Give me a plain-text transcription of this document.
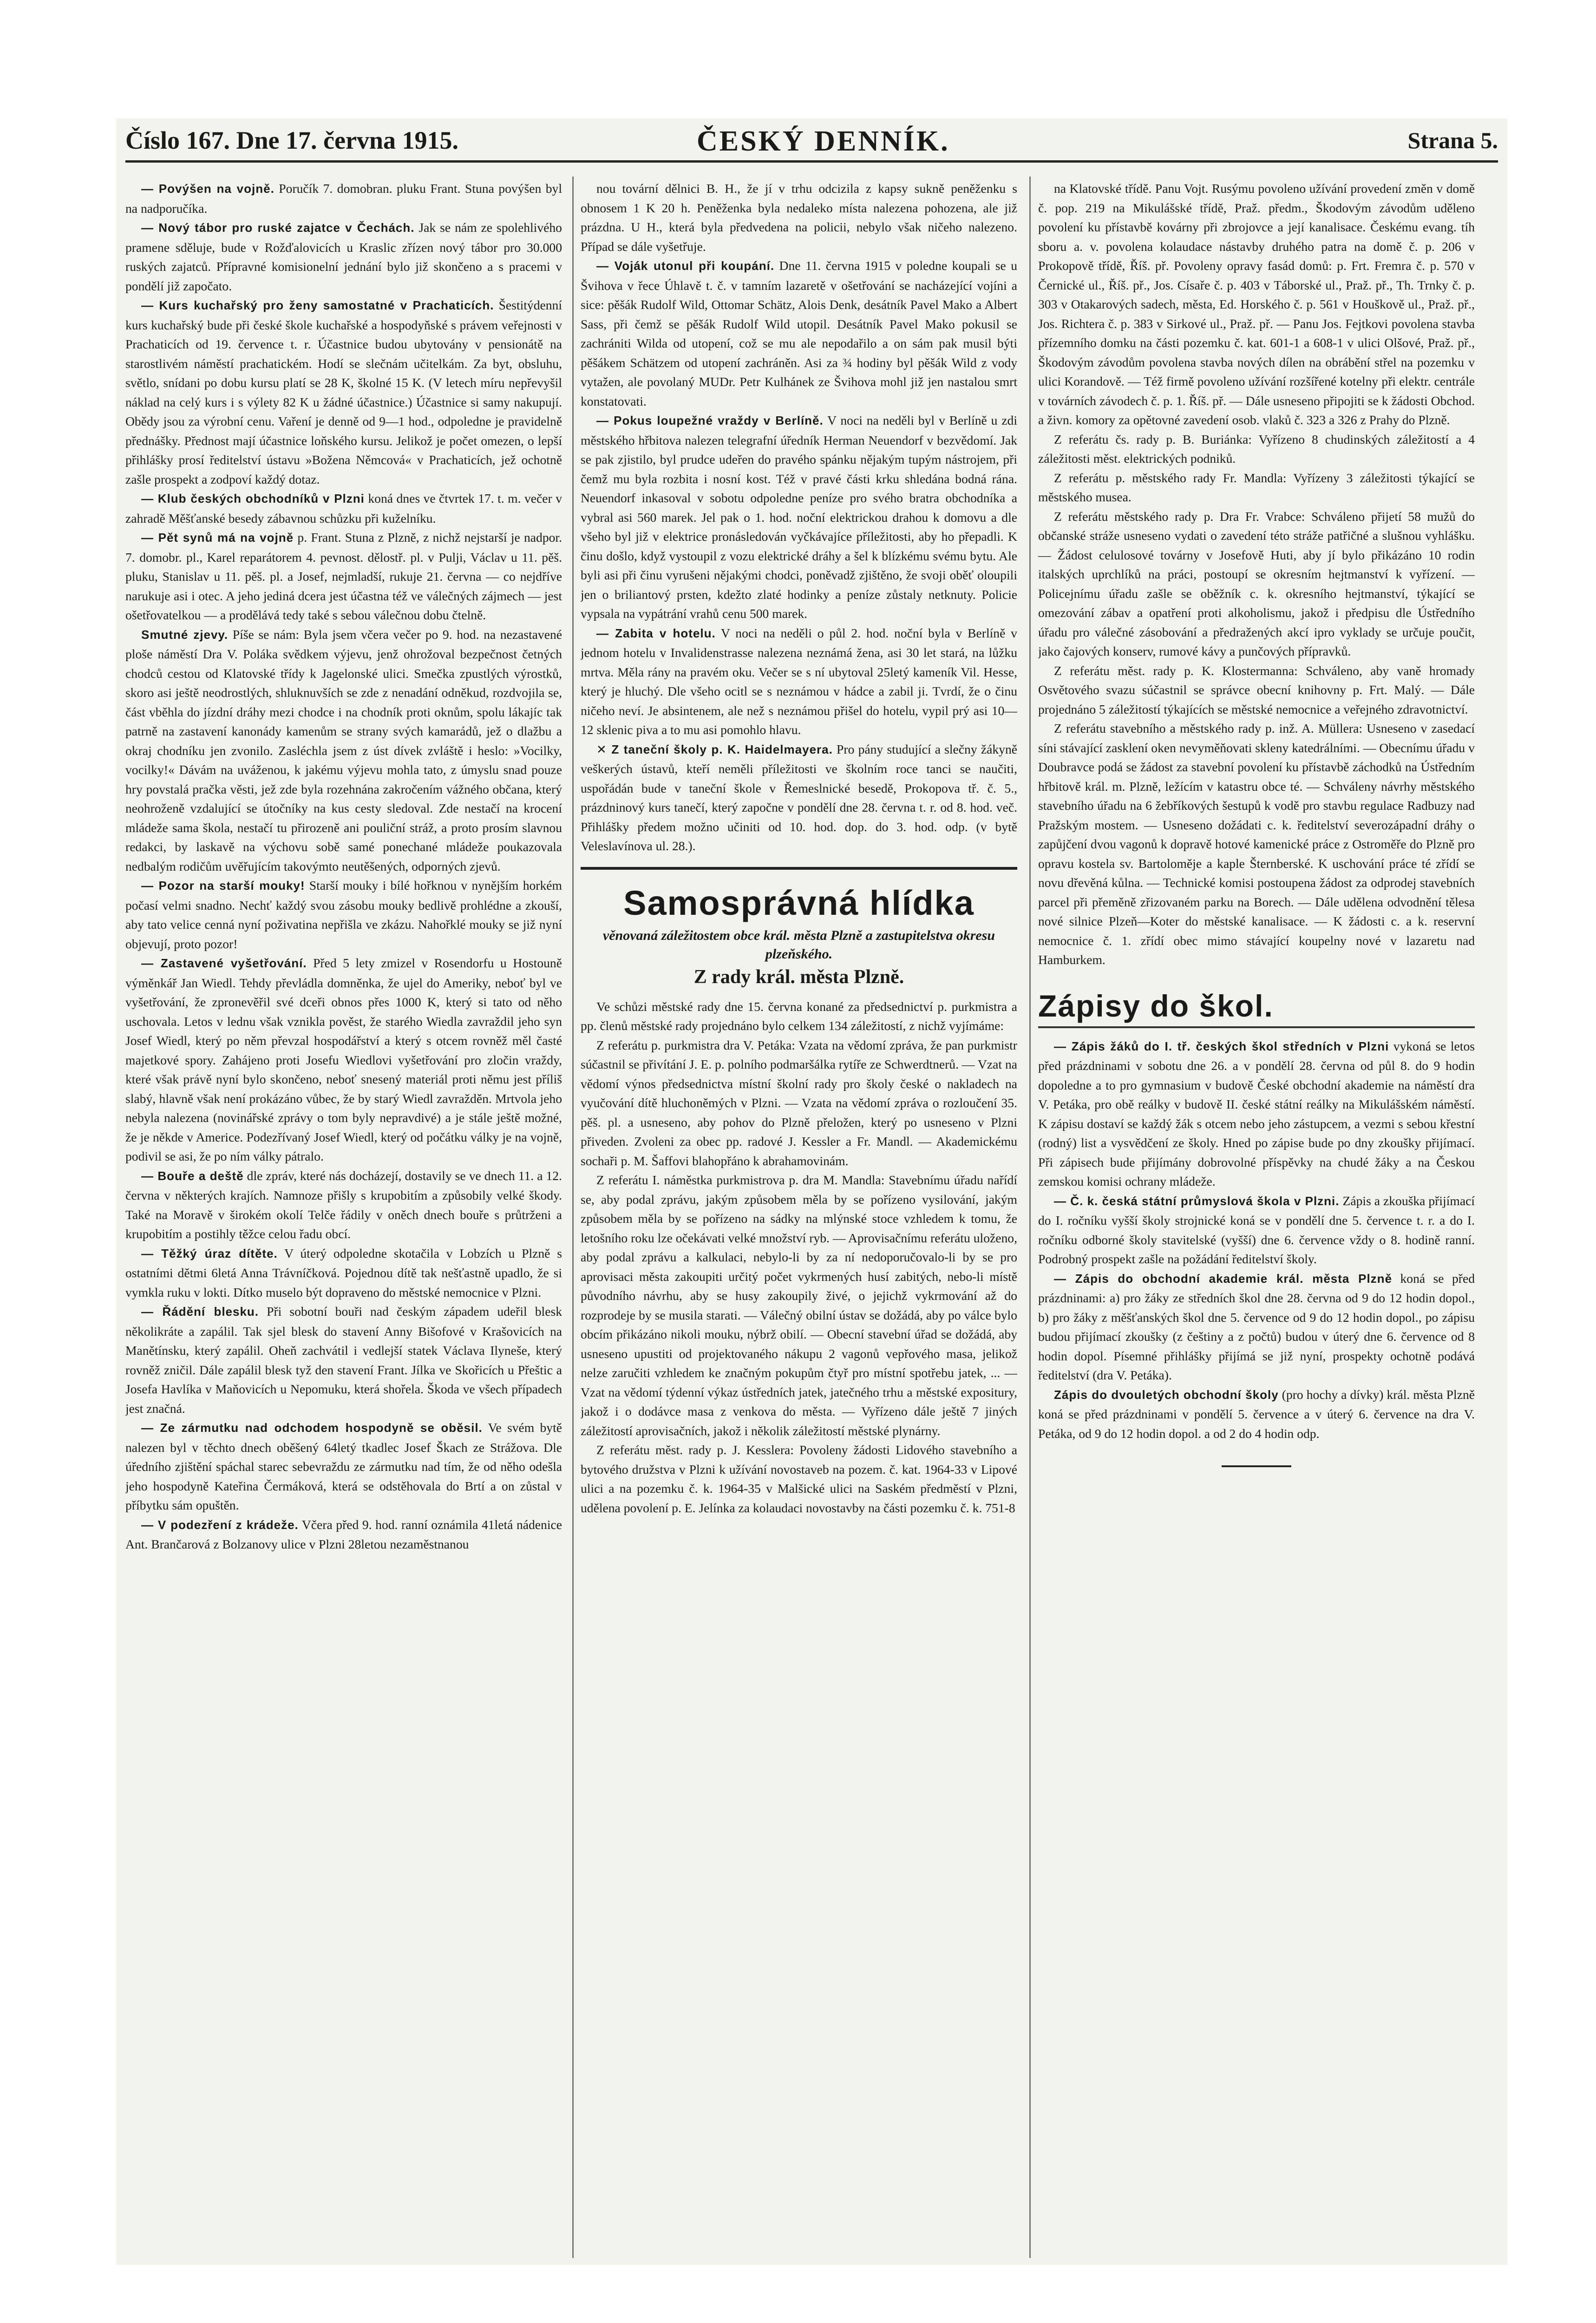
Číslo 167. Dne 17. června 1915.	ČESKÝ DENNÍK.	Strana 5.

— Povýšen na vojně. Poručík 7. domobran. pluku Frant. Stuna povýšen byl na nadporučíka.

— Nový tábor pro ruské zajatce v Čechách. Jak se nám ze spolehlivého pramene sděluje, bude v Rožďalovicích u Kraslic zřízen nový tábor pro 30.000 ruských zajatců. Přípravné komisionelní jednání bylo již skončeno a s pracemi v pondělí již započato.

— Kurs kuchařský pro ženy samostatné v Prachaticích. Šestitýdenní kurs kuchařský bude při české škole kuchařské a hospodyňské s právem veřejnosti v Prachaticích od 19. července t. r. Účastnice budou ubytovány v pensionátě na starostlivém náměstí prachatickém. Hodí se slečnám učitelkám. Za byt, obsluhu, světlo, snídani po dobu kursu platí se 28 K, školné 15 K. (V letech míru nepřevyšil náklad na celý kurs i s výlety 82 K u žádné účastnice.) Účastnice si samy nakupují. Obědy jsou za výrobní cenu. Vaření je denně od 9—1 hod., odpoledne je pravidelně přednášky. Přednost mají účastnice loňského kursu. Jelikož je počet omezen, o lepší přihlášky prosí ředitelství ústavu »Božena Němcová« v Prachaticích, jež ochotně zašle prospekt a zodpoví každý dotaz.

— Klub českých obchodníků v Plzni koná dnes ve čtvrtek 17. t. m. večer v zahradě Měšťanské besedy zábavnou schůzku při kuželníku.

— Pět synů má na vojně p. Frant. Stuna z Plzně, z nichž nejstarší je nadpor. 7. domobr. pl., Karel reparátorem 4. pevnost. dělostř. pl. v Pulji, Václav u 11. pěš. pluku, Stanislav u 11. pěš. pl. a Josef, nejmladší, rukuje 21. června — co nejdříve narukuje asi i otec. A jeho jediná dcera jest účastna též ve válečných zájmech — jest ošetřovatelkou — a prodělává tedy také s sebou válečnou dobu čtelně.

Smutné zjevy. Píše se nám: Byla jsem včera večer po 9. hod. na nezastavené ploše náměstí Dra V. Poláka svědkem výjevu, jenž ohrožoval bezpečnost četných chodců cestou od Klatovské třídy k Jagelonské ulici. Smečka zpustlých výrostků, skoro asi ještě neodrostlých, shluknuvších se zde z nenadání odněkud, rozdvojila se, část vběhla do jízdní dráhy mezi chodce i na chodník proti oknům, spolu lákajíc tak patrně na zastavení kanonády kamenům se strany svých kamarádů, jež o dlažbu a okraj chodníku jen zvonilo. Zasléchla jsem z úst dívek zvláště i heslo: »Vocilky, vocilky!« Dávám na uváženou, k jakému výjevu mohla tato, z úmyslu snad pouze hry povstalá pračka věsti, jež zde byla rozehnána zakročením vážného občana, který neohroženě vzdalující se útočníky na kus cesty sledoval. Zde nestačí na krocení mládeže sama škola, nestačí tu přirozeně ani pouliční stráž, a proto prosím slavnou redakci, by laskavě na výchovu sobě samé ponechané mládeže poukazovala nedbalým rodičům uvěřujícím takovýmto neutěšených, odporných zjevů.

— Pozor na starší mouky! Starší mouky i bílé hořknou v nynějším horkém počasí velmi snadno. Nechť každý svou zásobu mouky bedlivě prohlédne a zkouší, aby tato velice cenná nyní poživatina nepřišla ve zkázu. Nahořklé mouky se již nyní objevují, proto pozor!

— Zastavené vyšetřování. Před 5 lety zmizel v Rosendorfu u Hostouně výměnkář Jan Wiedl. Tehdy převládla domněnka, že ujel do Ameriky, neboť byl ve vyšetřování, že zpronevěřil své dceři obnos přes 1000 K, který si tato od něho uschovala. Letos v lednu však vznikla pověst, že starého Wiedla zavraždil jeho syn Josef Wiedl, který po něm převzal hospodářství a který s otcem rovněž měl časté majetkové spory. Zahájeno proti Josefu Wiedlovi vyšetřování pro zločin vraždy, které však právě nyní bylo skončeno, neboť snesený materiál proti němu jest příliš slabý, hlavně však není prokázáno vůbec, že by starý Wiedl zavražděn. Mrtvola jeho nebyla nalezena (novinářské zprávy o tom byly nepravdivé) a je stále ještě možné, že je někde v Americe. Podezřívaný Josef Wiedl, který od počátku války je na vojně, podivil se asi, že po ním války pátralo.

— Bouře a deště dle zpráv, které nás docházejí, dostavily se ve dnech 11. a 12. června v některých krajích. Namnoze přišly s krupobitím a způsobily velké škody. Také na Moravě v širokém okolí Telče řádily v oněch dnech bouře s průtrženi a krupobitím a postihly těžce celou řadu obcí.

— Těžký úraz dítěte. V úterý odpoledne skotačila v Lobzích u Plzně s ostatními dětmi 6letá Anna Trávníčková. Pojednou dítě tak nešťastně upadlo, že si vymkla ruku v lokti. Dítko muselo být dopraveno do městské nemocnice v Plzni.

— Řádění blesku. Při sobotní bouři nad českým západem udeřil blesk několikráte a zapálil. Tak sjel blesk do stavení Anny Bišofové v Krašovicích na Manětínsku, který zapálil. Oheň zachvátil i vedlejší statek Václava Ilyneše, který rovněž zničil. Dále zapálil blesk tyž den stavení Frant. Jílka ve Skořicích u Přeštic a Josefa Havlíka v Maňovicích u Nepomuku, která shořela. Škoda ve všech případech jest značná.

— Ze zármutku nad odchodem hospodyně se oběsil. Ve svém bytě nalezen byl v těchto dnech oběšený 64letý tkadlec Josef Škach ze Strážova. Dle úředního zjištění spáchal starec sebevraždu ze zármutku nad tím, že od něho odešla jeho hospodyně Kateřina Čermáková, která se odstěhovala do Brtí a on zůstal v příbytku sám opuštěn.

— V podezření z krádeže. Včera před 9. hod. ranní oznámila 41letá nádenice Ant. Brančarová z Bolzanovy ulice v Plzni 28letou nezaměstnanou

nou tovární dělnici B. H., že jí v trhu odcizila z kapsy sukně peněženku s obnosem 1 K 20 h. Peněženka byla nedaleko místa nalezena pohozena, ale již prázdna. U H., která byla předvedena na policii, nebylo však ničeho nalezeno. Případ se dále vyšetřuje.

— Voják utonul při koupání. Dne 11. června 1915 v poledne koupali se u Švihova v řece Úhlavě t. č. v tamním lazaretě v ošetřování se nacházející vojíni a sice: pěšák Rudolf Wild, Ottomar Schätz, Alois Denk, desátník Pavel Mako a Albert Sass, při čemž se pěšák Rudolf Wild utopil. Desátník Pavel Mako pokusil se zachrániti Wilda od utopení, což se mu ale nepodařilo a on sám pak musil býti pěšákem Schätzem od utopení zachráněn. Asi za ¾ hodiny byl pěšák Wild z vody vytažen, ale povolaný MUDr. Petr Kulhánek ze Švihova mohl již jen nastalou smrt konstatovati.

— Pokus loupežné vraždy v Berlíně. V noci na neděli byl v Berlíně u zdi městského hřbitova nalezen telegrafní úředník Herman Neuendorf v bezvědomí. Jak se pak zjistilo, byl prudce udeřen do pravého spánku nějakým tupým nástrojem, při čemž mu byla rozbita i nosní kost. Též v pravé části krku shledána bodná rána. Neuendorf inkasoval v sobotu odpoledne peníze pro svého bratra obchodníka a vybral asi 560 marek. Jel pak o 1. hod. noční elektrickou drahou k domovu a dle všeho byl již v elektrice pronásledován vyčkávajíce příležitosti, aby ho přepadli. K činu došlo, když vystoupil z vozu elektrické dráhy a šel k blízkému svému bytu. Ale byli asi při činu vyrušeni nějakými chodci, poněvadž zjištěno, že svoji oběť oloupili jen o briliantový prsten, kdežto zlaté hodinky a peníze zůstaly netknuty. Policie vypsala na vypátrání vrahů cenu 500 marek.

— Zabita v hotelu. V noci na neděli o půl 2. hod. noční byla v Berlíně v jednom hotelu v Invalidenstrasse nalezena neznámá žena, asi 30 let stará, na lůžku mrtva. Měla rány na pravém oku. Večer se s ní ubytoval 25letý kameník Vil. Hesse, který je hluchý. Dle všeho ocitl se s neznámou v hádce a zabil ji. Tvrdí, že o činu ničeho neví. Je absintenem, ale než s neznámou přišel do hotelu, vypil prý asi 10—12 sklenic piva a to mu asi pomohlo hlavu.

✕ Z taneční školy p. K. Haidelmayera. Pro pány studující a slečny žákyně veškerých ústavů, kteří neměli příležitosti ve školním roce tanci se naučiti, uspořádán bude v taneční škole v Řemeslnické besedě, Prokopova tř. č. 5., prázdninový kurs tanečí, který započne v pondělí dne 28. června t. r. od 8. hod. več. Přihlášky předem možno učiniti od 10. hod. dop. do 3. hod. odp. (v bytě Veleslavínova ul. 28.).

Samosprávná hlídka
věnovaná záležitostem obce král. města Plzně a zastupitelstva okresu plzeňského.
Z rady král. města Plzně.

Ve schůzi městské rady dne 15. června konané za předsednictví p. purkmistra a pp. členů městské rady projednáno bylo celkem 134 záležitostí, z nichž vyjímáme:

Z referátu p. purkmistra dra V. Petáka: Vzata na vědomí zpráva, že pan purkmistr súčastnil se přivítání J. E. p. polního podmaršálka rytíře ze Schwerdtnerů. — Vzat na vědomí výnos předsednictva místní školní rady pro školy české o nakladech na vyučování dítě hluchoněmých v Plzni. — Vzata na vědomí zpráva o rozloučení 35. pěš. pl. a usneseno, aby pohov do Plzně přeložen, který po usneseno v Plzni přiveden. Zvoleni za obec pp. radové J. Kessler a Fr. Mandl. — Akademickému sochaři p. M. Šaffovi blahopřáno k abrahamovinám.

Z referátu I. náměstka purkmistrova p. dra M. Mandla: Stavebnímu úřadu nařídí se, aby podal zprávu, jakým způsobem měla by se pořízeno vysilování, jakým způsobem měla by se pořízeno na sádky na mlýnské stoce vzhledem k tomu, že letošního roku lze očekávati velké množství ryb. — Aprovisačnímu referátu uloženo, aby podal zprávu a kalkulaci, nebylo-li by za ní nedoporučovalo-li by se pro aprovisaci města zakoupiti určitý počet vykrmených husí zabitých, nebo-li místě původního návrhu, aby se husy zakoupily živé, o jejichž vykrmování až do rozprodeje by se musila starati. — Válečný obilní ústav se dožádá, aby po válce bylo obcím přikázáno nikoli mouku, nýbrž obilí. — Obecní stavební úřad se dožádá, aby usneseno upustiti od projektovaného nákupu 2 vagonů vepřového masa, jelikož nelze zaručiti vzhledem ke značným pokupům čtyř pro místní spotřebu jatek, ... — Vzat na vědomí týdenní výkaz ústředních jatek, jatečného trhu a městské expositury, jakož i o dodávce masa z venkova do města. — Vyřízeno dále ještě 7 jiných záležitostí aprovisačních, jakož i několik záležitostí městské plynárny.

Z referátu měst. rady p. J. Kesslera: Povoleny žádosti Lidového stavebního a bytového družstva v Plzni k užívání novostaveb na pozem. č. kat. 1964-33 v Lipové ulici a na pozemku č. k. 1964-35 v Malšické ulici na Saském předměstí v Plzni, udělena povolení p. E. Jelínka za kolaudaci novostavby na části pozemku č. k. 751-8

na Klatovské třídě. Panu Vojt. Rusýmu povoleno užívání provedení změn v domě č. pop. 219 na Mikulášské třídě, Praž. předm., Škodovým závodům uděleno povolení ku přístavbě kovárny při zbrojovce a její kanalisace. Českému evang. tíh sboru a. v. povolena kolaudace nástavby druhého patra na domě č. p. 206 v Prokopově třídě, Říš. př. Povoleny opravy fasád domů: p. Frt. Fremra č. p. 570 v Černické ul., Říš. př., Jos. Císaře č. p. 403 v Táborské ul., Praž. př., Th. Trnky č. p. 303 v Otakarových sadech, města, Ed. Horského č. p. 561 v Houškově ul., Praž. př., Jos. Richtera č. p. 383 v Sirkové ul., Praž. př. — Panu Jos. Fejtkovi povolena stavba přízemního domku na části pozemku č. kat. 601-1 a 608-1 v ulici Olšové, Praž. př., Škodovým závodům povolena stavba nových dílen na obrábění střel na pozemku v ulici Korandově. — Též firmě povoleno užívání rozšířené kotelny při elektr. centrále v továrních závodech č. p. 1. Říš. př. — Dále usneseno připojiti se k žádosti Obchod. a živn. komory za opětovné zavedení osob. vlaků č. 323 a 326 z Prahy do Plzně.

Z referátu čs. rady p. B. Buriánka: Vyřízeno 8 chudinských záležitostí a 4 záležitosti měst. elektrických podniků.

Z referátu p. městského rady Fr. Mandla: Vyřízeny 3 záležitosti týkající se městského musea.

Z referátu městského rady p. Dra Fr. Vrabce: Schváleno přijetí 58 mužů do občanské stráže usneseno vydati o zavedení této stráže patřičné a slušnou vyhlášku. — Žádost celulosové továrny v Josefově Huti, aby jí bylo přikázáno 10 rodin italských uprchlíků na práci, postoupí se okresním hejtmanství k vyřízení. — Policejnímu úřadu zašle se oběžník c. k. okresního hejtmanství, týkající se omezování zábav a opatření proti alkoholismu, jakož i předpisu dle Ústředního úřadu pro válečné zásobování a předražených akcí ipro vyklady se určuje poučit, jako čajových konserv, rumové kávy a punčových přípravků.

Z referátu měst. rady p. K. Klostermanna: Schváleno, aby vaně hromady Osvětového svazu súčastnil se správce obecní knihovny p. Frt. Malý. — Dále projednáno 5 záležitostí týkajících se městské nemocnice a veřejného zdravotnictví.

Z referátu stavebního a městského rady p. inž. A. Müllera: Usneseno v zasedací síni stávající zasklení oken nevyměňovati skleny katedrálními. — Obecnímu úřadu v Doubravce podá se žádost za stavební povolení ku přístavbě záchodků na Ústředním hřbitově král. m. Plzně, ležícím v katastru obce té. — Schváleny návrhy městského stavebního úřadu na 6 žebříkových šestupů k vodě pro stavbu regulace Radbuzy nad Pražským mostem. — Usneseno dožádati c. k. ředitelství severozápadní dráhy o zapůjčení dvou vagonů k dopravě hotové kamenické práce z Ostroměře do Plzně pro opravu kostela sv. Bartoloměje a kaple Šternberské. K uschování práce té zřídí se novu dřevěná kůlna. — Technické komisi postoupena žádost za odprodej stavebních parcel při přeměně zřizovaném parku na Borech. — Dále udělena odvodnění tělesa nové silnice Plzeň—Koter do městské kanalisace. — K žádosti c. a k. reservní nemocnice č. 1. zřídí obec mimo stávající koupelny nové v lazaretu nad Hamburkem.

Zápisy do škol.

— Zápis žáků do I. tř. českých škol středních v Plzni vykoná se letos před prázdninami v sobotu dne 26. a v pondělí 28. června od půl 8. do 9 hodin dopoledne a to pro gymnasium v budově České obchodní akademie na náměstí dra V. Petáka, pro obě reálky v budově II. české státní reálky na Mikulášském náměstí. K zápisu dostaví se každý žák s otcem nebo jeho zástupcem, a vezmi s sebou křestní (rodný) list a vysvědčení ze školy. Hned po zápise bude po dny zkoušky přijímací. Při zápisech bude přijímány dobrovolné příspěvky na chudé žáky a na Českou zemskou komisi ochrany mládeže.

— Č. k. česká státní průmyslová škola v Plzni. Zápis a zkouška přijímací do I. ročníku vyšší školy strojnické koná se v pondělí dne 5. července t. r. a do I. ročníku odborné školy stavitelské (vyšší) dne 6. července vždy o 8. hodině ranní. Podrobný prospekt zašle na požádání ředitelství školy.

— Zápis do obchodní akademie král. města Plzně koná se před prázdninami: a) pro žáky ze středních škol dne 28. června od 9 do 12 hodin dopol., b) pro žáky z měšťanských škol dne 5. července od 9 do 12 hodin dopol., po zápisu budou přijímací zkoušky (z češtiny a z počtů) budou v úterý dne 6. července od 8 hodin dopol. Písemné přihlášky přijímá se již nyní, prospekty ochotně podává ředitelství (dra V. Petáka).

Zápis do dvouletých obchodní školy (pro hochy a dívky) král. města Plzně koná se před prázdninami v pondělí 5. července a v úterý 6. července na dra V. Petáka, od 9 do 12 hodin dopol. a od 2 do 4 hodin odp.
